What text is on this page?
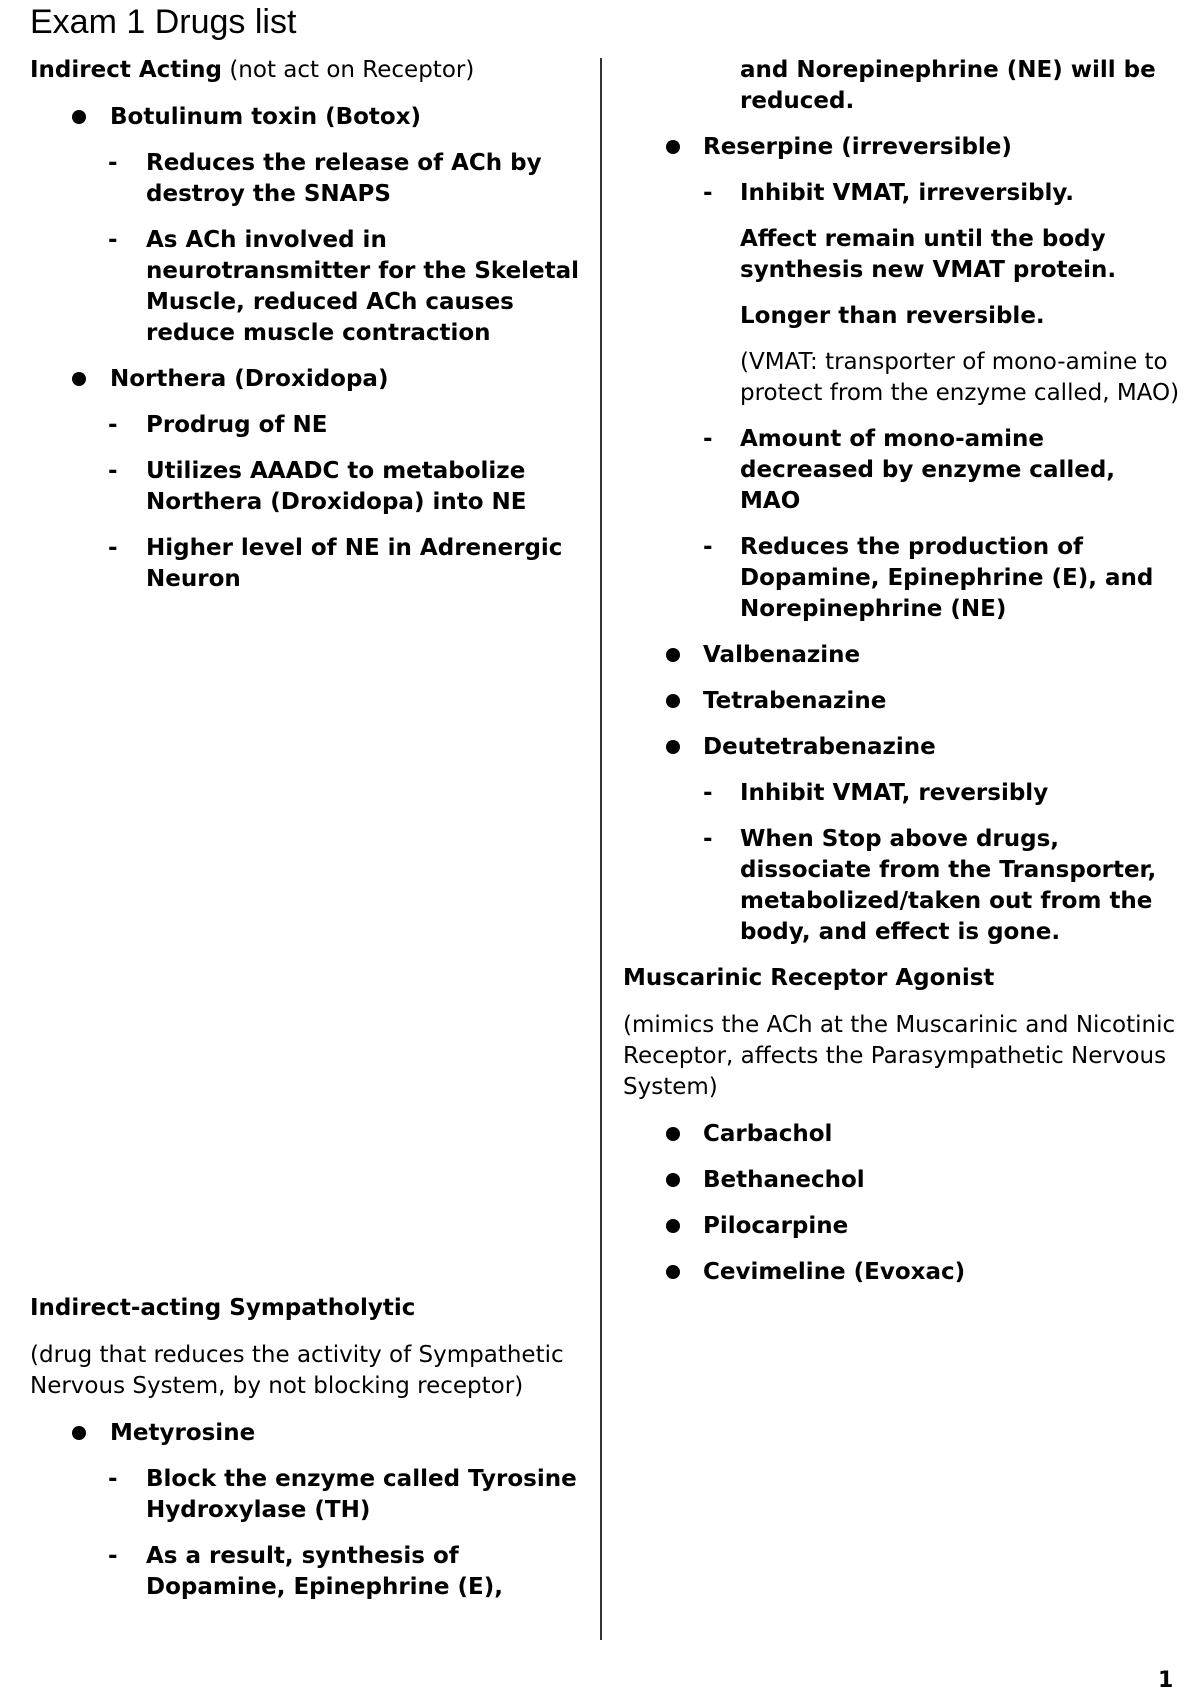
Exam 1 Drugs list

Indirect Acting (not act on Receptor)

Botulinum toxin (Botox)
- Reduces the release of ACh by destroy the SNAPS
- As ACh involved in neurotransmitter for the Skeletal Muscle, reduced ACh causes reduce muscle contraction
Northera (Droxidopa)
- Prodrug of NE
- Utilizes AAADC to metabolize Northera (Droxidopa) into NE
- Higher level of NE in Adrenergic Neuron

Indirect-acting Sympatholytic

(drug that reduces the activity of Sympathetic Nervous System, by not blocking receptor)

Metyrosine
- Block the enzyme called Tyrosine Hydroxylase (TH)
- As a result, synthesis of Dopamine, Epinephrine (E),

and Norepinephrine (NE) will be reduced.

Reserpine (irreversible)
- Inhibit VMAT, irreversibly.

Affect remain until the body synthesis new VMAT protein.

Longer than reversible.

(VMAT: transporter of mono-amine to protect from the enzyme called, MAO)

- Amount of mono-amine decreased by enzyme called, MAO
- Reduces the production of Dopamine, Epinephrine (E), and Norepinephrine (NE)
Valbenazine
Tetrabenazine
Deutetrabenazine
- Inhibit VMAT, reversibly
- When Stop above drugs, dissociate from the Transporter, metabolized/taken out from the body, and effect is gone.

Muscarinic Receptor Agonist

(mimics the ACh at the Muscarinic and Nicotinic Receptor, affects the Parasympathetic Nervous System)

Carbachol
Bethanechol
Pilocarpine
Cevimeline (Evoxac)
1
